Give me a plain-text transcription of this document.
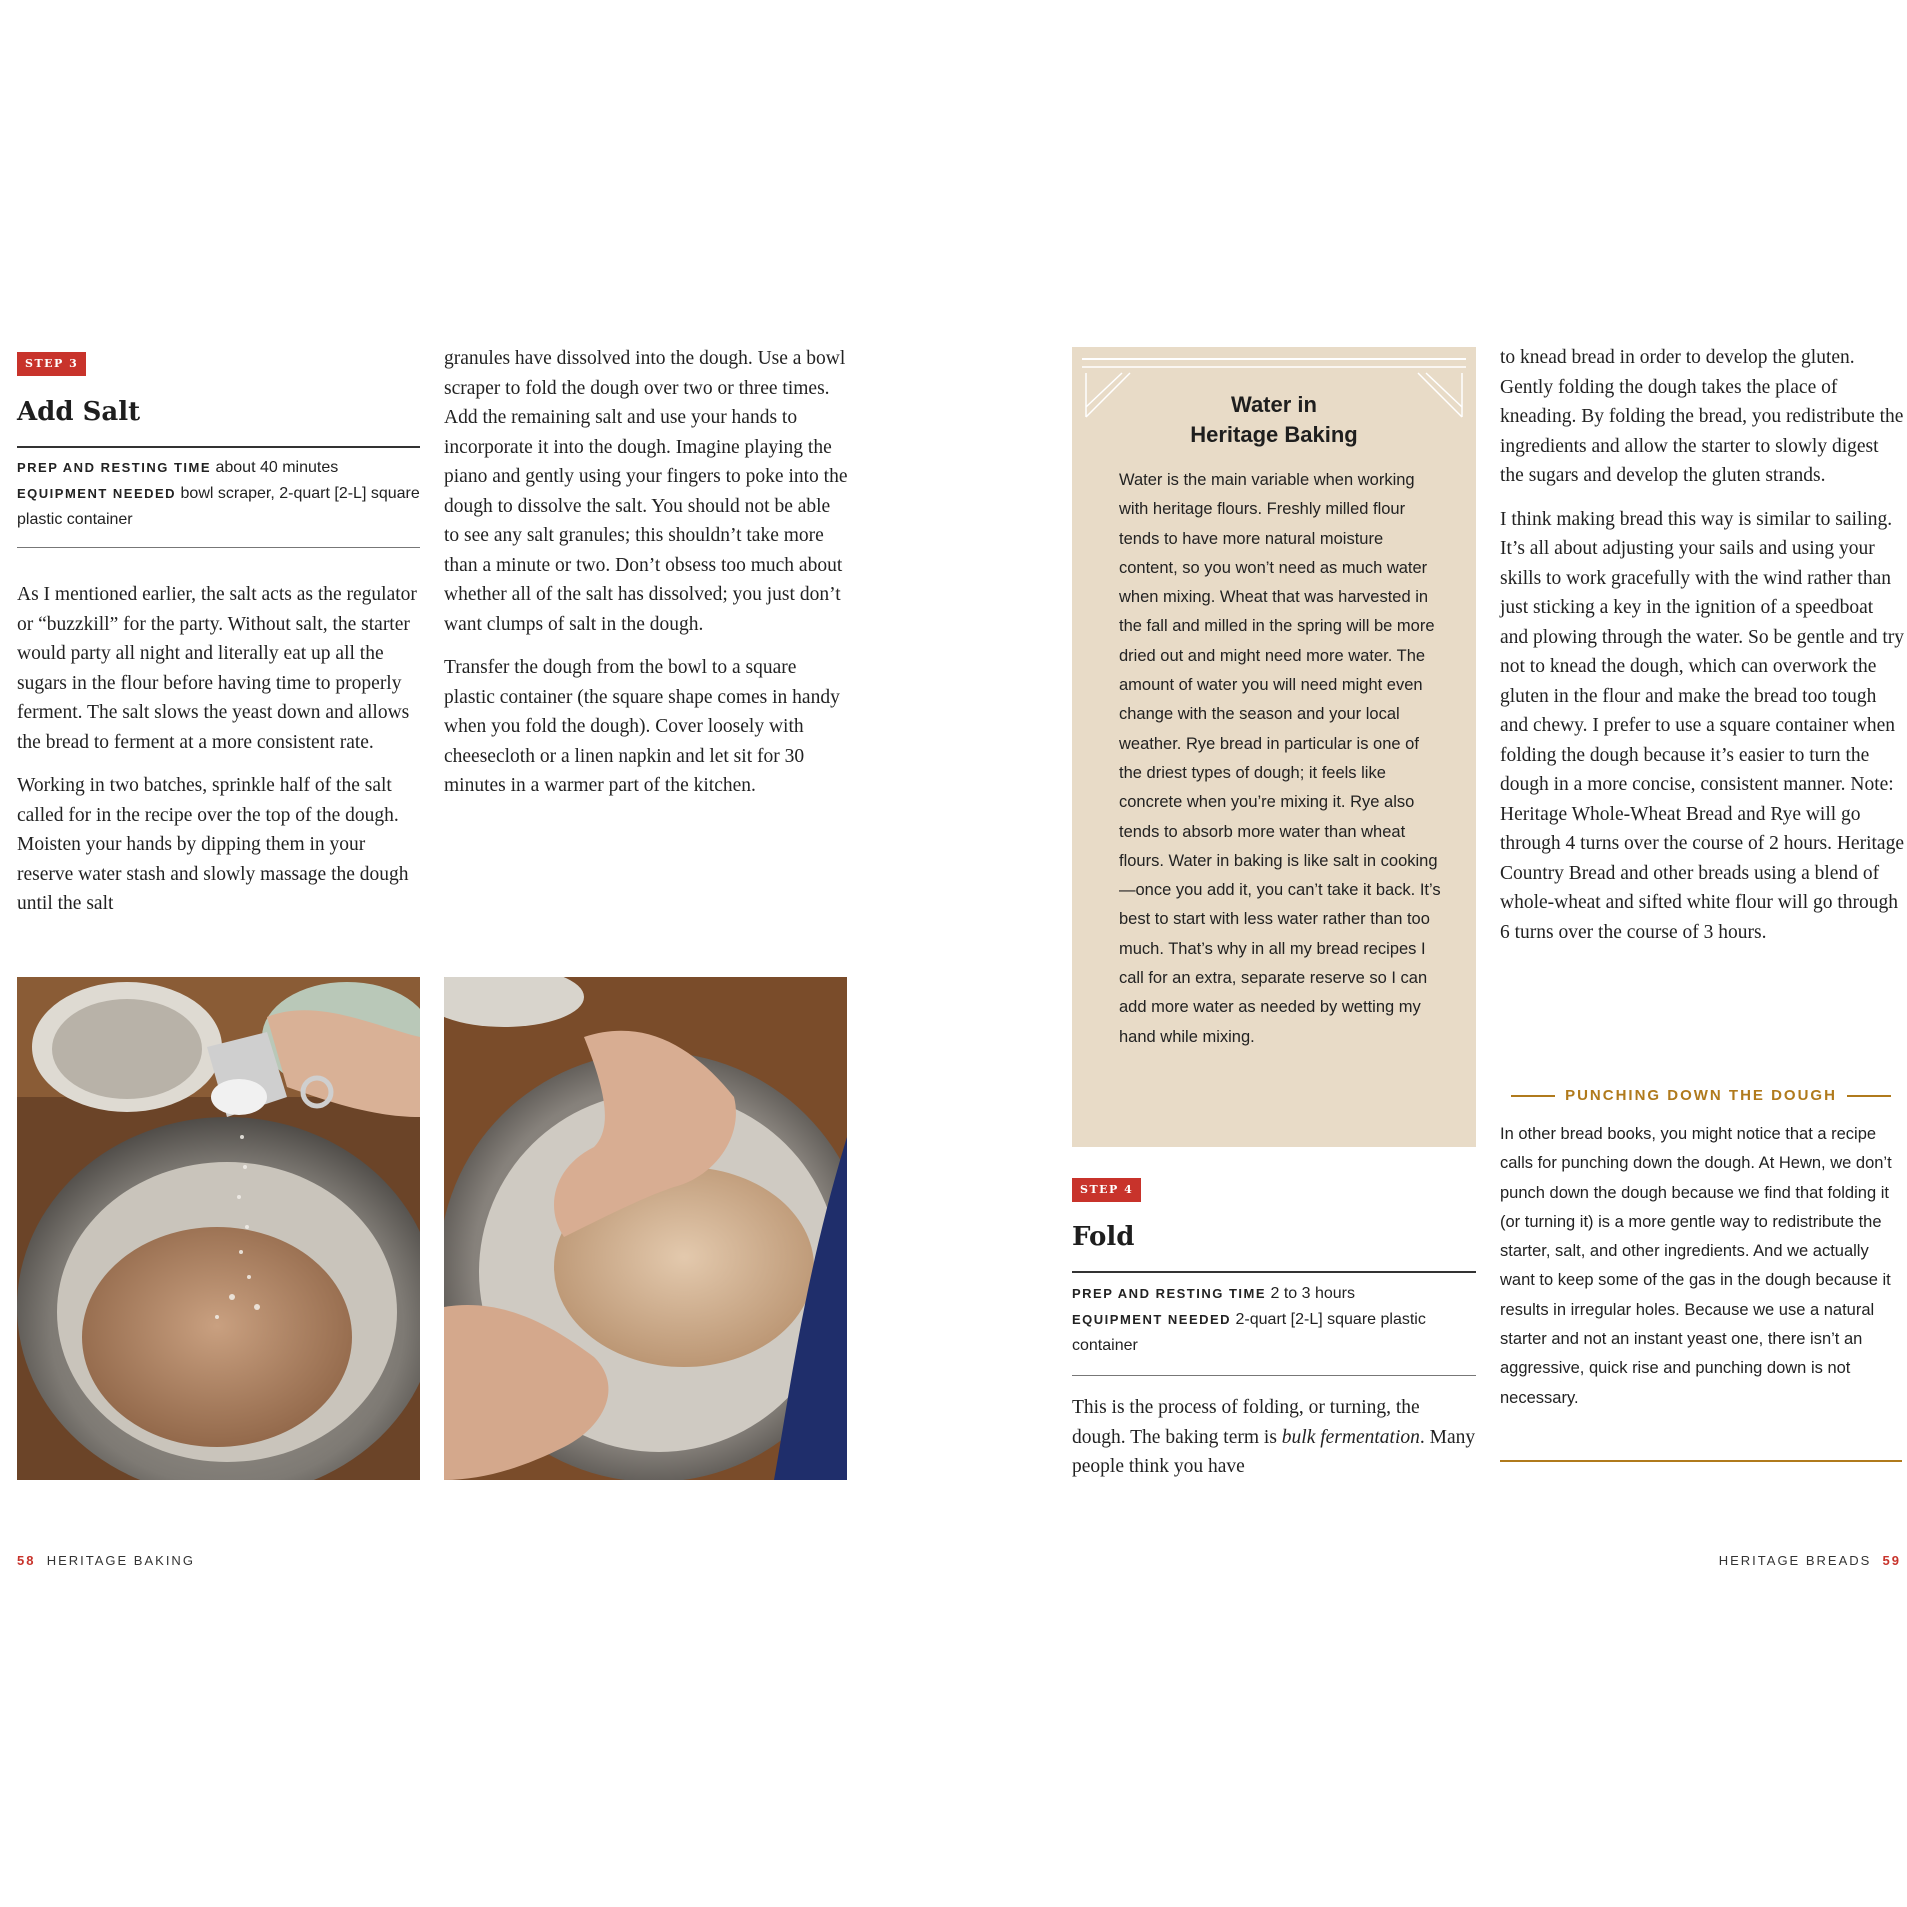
STEP 3
Add Salt
PREP AND RESTING TIME about 40 minutes
EQUIPMENT NEEDED bowl scraper, 2-quart [2-L] square plastic container

As I mentioned earlier, the salt acts as the regulator or “buzzkill” for the party. Without salt, the starter would party all night and literally eat up all the sugars in the flour before having time to properly ferment. The salt slows the yeast down and allows the bread to ferment at a more consistent rate.

Working in two batches, sprinkle half of the salt called for in the recipe over the top of the dough. Moisten your hands by dipping them in your reserve water stash and slowly massage the dough until the salt

granules have dissolved into the dough. Use a bowl scraper to fold the dough over two or three times. Add the remaining salt and use your hands to incorporate it into the dough. Imagine playing the piano and gently using your fingers to poke into the dough to dissolve the salt. You should not be able to see any salt granules; this shouldn’t take more than a minute or two. Don’t obsess too much about whether all of the salt has dissolved; you just don’t want clumps of salt in the dough.

Transfer the dough from the bowl to a square plastic container (the square shape comes in handy when you fold the dough). Cover loosely with cheesecloth or a linen napkin and let sit for 30 minutes in a warmer part of the kitchen.

58 HERITAGE BAKING
Water in
Heritage Baking
Water is the main variable when working with heritage flours. Freshly milled flour tends to have more natural moisture content, so you won’t need as much water when mixing. Wheat that was harvested in the fall and milled in the spring will be more dried out and might need more water. The amount of water you will need might even change with the season and your local weather. Rye bread in particular is one of the driest types of dough; it feels like concrete when you’re mixing it. Rye also tends to absorb more water than wheat flours. Water in baking is like salt in cooking—once you add it, you can’t take it back. It’s best to start with less water rather than too much. That’s why in all my bread recipes I call for an extra, separate reserve so I can add more water as needed by wetting my hand while mixing.
STEP 4
Fold
PREP AND RESTING TIME 2 to 3 hours
EQUIPMENT NEEDED 2-quart [2-L] square plastic container

This is the process of folding, or turning, the dough. The baking term is bulk fermentation. Many people think you have

to knead bread in order to develop the gluten. Gently folding the dough takes the place of kneading. By folding the bread, you redistribute the ingredients and allow the starter to slowly digest the sugars and develop the gluten strands.

I think making bread this way is similar to sailing. It’s all about adjusting your sails and using your skills to work gracefully with the wind rather than just sticking a key in the ignition of a speedboat and plowing through the water. So be gentle and try not to knead the dough, which can overwork the gluten in the flour and make the bread too tough and chewy. I prefer to use a square container when folding the dough because it’s easier to turn the dough in a more concise, consistent manner. Note: Heritage Whole-Wheat Bread and Rye will go through 4 turns over the course of 2 hours. Heritage Country Bread and other breads using a blend of whole-wheat and sifted white flour will go through 6 turns over the course of 3 hours.

PUNCHING DOWN THE DOUGH
In other bread books, you might notice that a recipe calls for punching down the dough. At Hewn, we don’t punch down the dough because we find that folding it (or turning it) is a more gentle way to redistribute the starter, salt, and other ingredients. And we actually want to keep some of the gas in the dough because it results in irregular holes. Because we use a natural starter and not an instant yeast one, there isn’t an aggressive, quick rise and punching down is not necessary.
HERITAGE BREADS 59
